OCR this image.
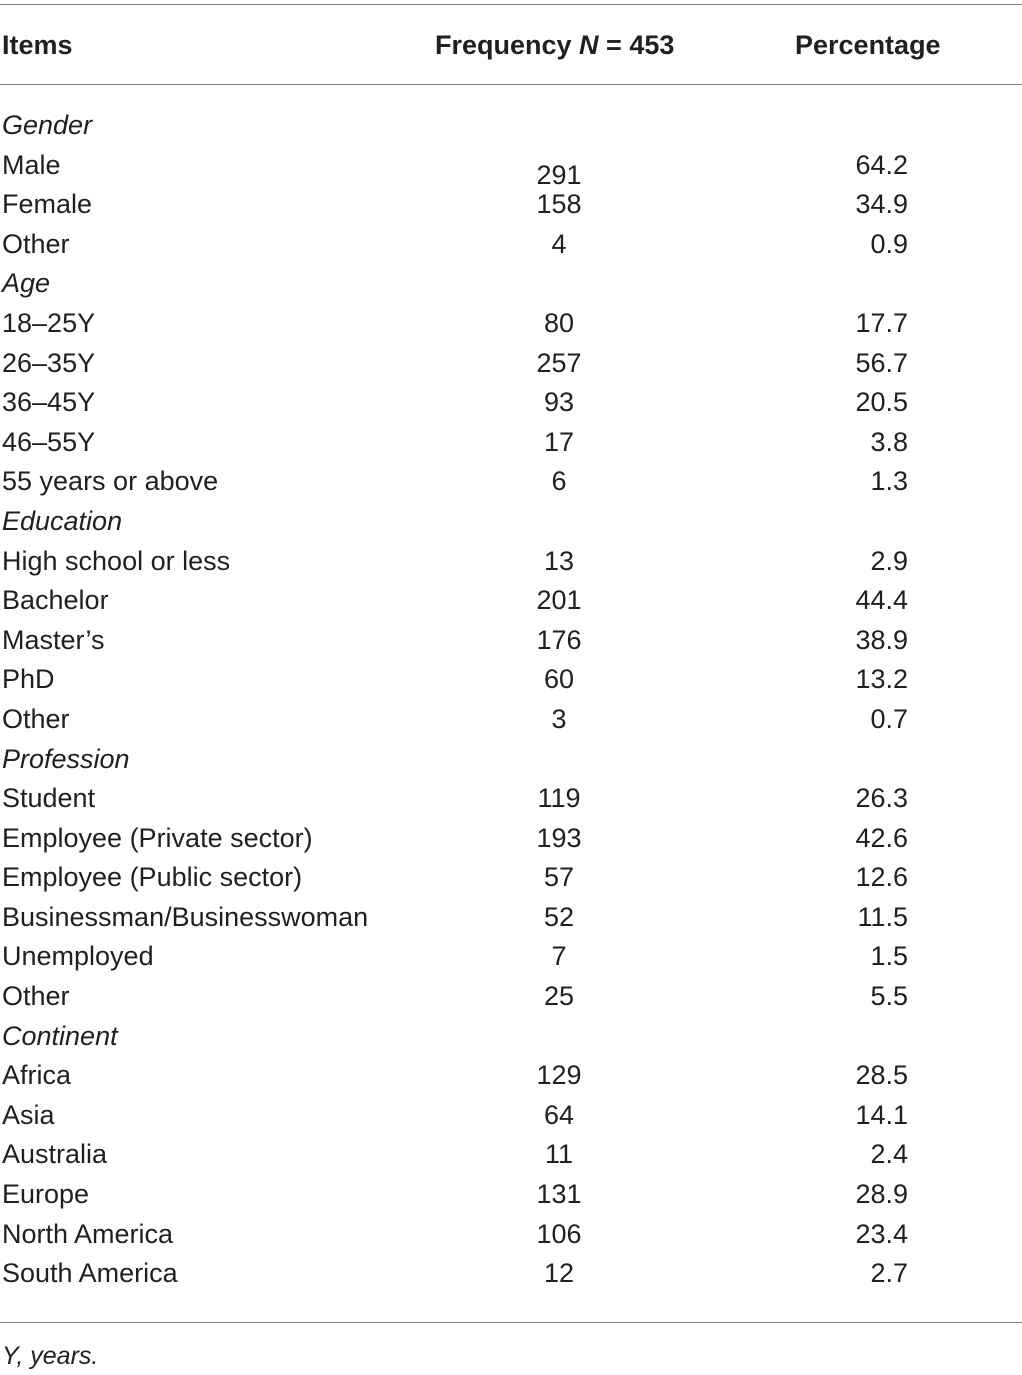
Items	Frequency N = 453	Percentage
Gender
Male	291	64.2
Female	158	34.9
Other	4	0.9
Age
18–25Y	80	17.7
26–35Y	257	56.7
36–45Y	93	20.5
46–55Y	17	3.8
55 years or above	6	1.3
Education
High school or less	13	2.9
Bachelor	201	44.4
Master’s	176	38.9
PhD	60	13.2
Other	3	0.7
Profession
Student	119	26.3
Employee (Private sector)	193	42.6
Employee (Public sector)	57	12.6
Businessman/Businesswoman	52	11.5
Unemployed	7	1.5
Other	25	5.5
Continent
Africa	129	28.5
Asia	64	14.1
Australia	11	2.4
Europe	131	28.9
North America	106	23.4
South America	12	2.7
Y, years.
